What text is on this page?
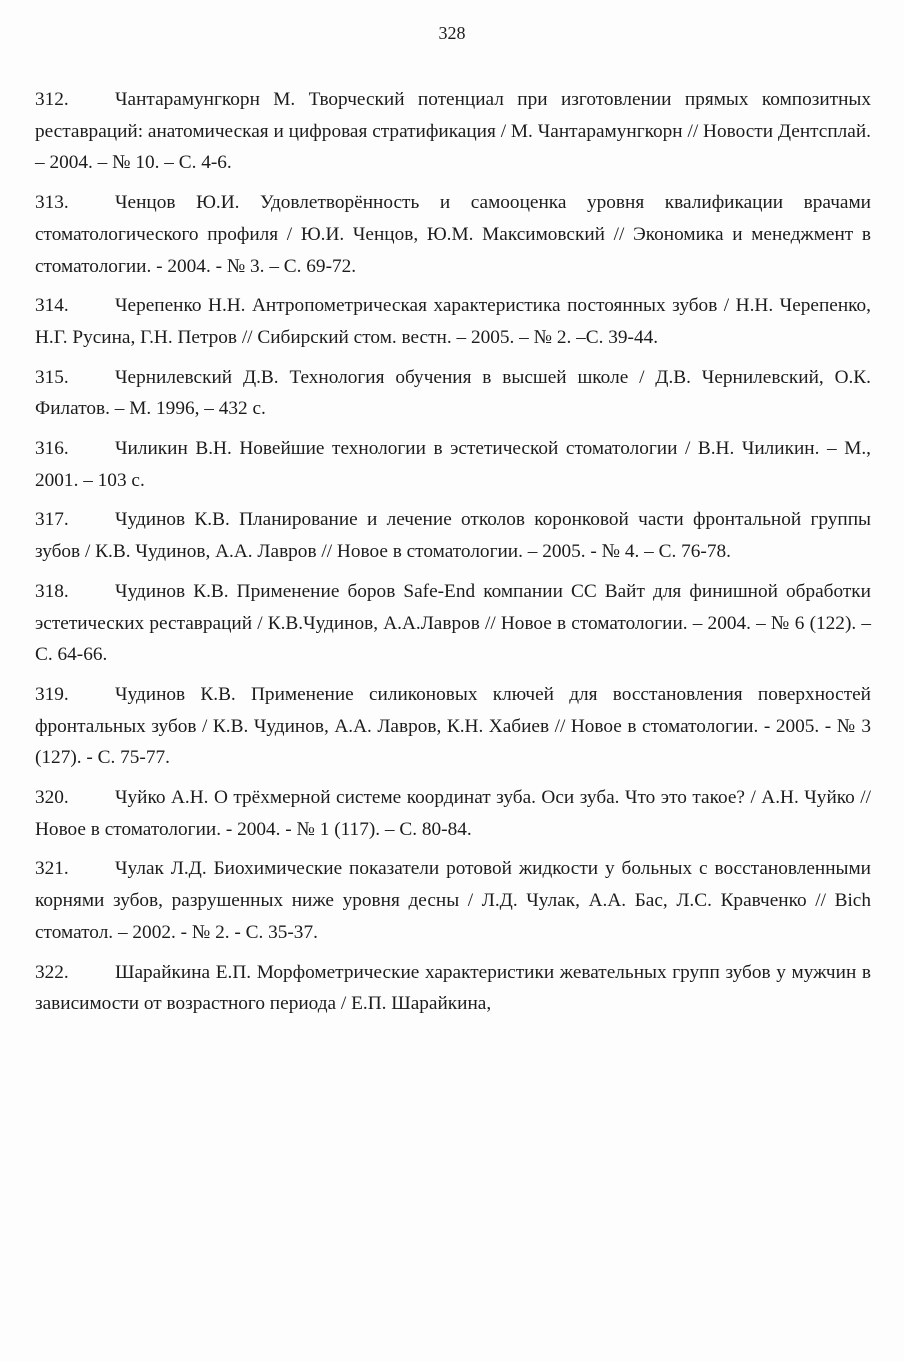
328
312. Чантарамунгкорн М. Творческий потенциал при изготовлении прямых композитных реставраций: анатомическая и цифровая стратификация / М. Чантарамунгкорн // Новости Дентсплай. – 2004. – № 10. – С. 4-6.
313. Ченцов Ю.И. Удовлетворённость и самооценка уровня квалификации врачами стоматологического профиля / Ю.И. Ченцов, Ю.М. Максимовский // Экономика и менеджмент в стоматологии. - 2004. - № 3. – С. 69-72.
314. Черепенко Н.Н. Антропометрическая характеристика постоянных зубов / Н.Н. Черепенко, Н.Г. Русина, Г.Н. Петров // Сибирский стом. вестн. – 2005. – № 2. –С. 39-44.
315. Чернилевский Д.В. Технология обучения в высшей школе / Д.В. Чернилевский, О.К. Филатов. – М. 1996, – 432 с.
316. Чиликин В.Н. Новейшие технологии в эстетической стоматологии / В.Н. Чиликин. – М., 2001. – 103 с.
317. Чудинов К.В. Планирование и лечение отколов коронковой части фронтальной группы зубов / К.В. Чудинов, А.А. Лавров // Новое в стоматологии. – 2005. - № 4. – С. 76-78.
318. Чудинов К.В. Применение боров Safe-End компании CC Вайт для финишной обработки эстетических реставраций / К.В.Чудинов, А.А.Лавров // Новое в стоматологии. – 2004. – № 6 (122). – С. 64-66.
319. Чудинов К.В. Применение силиконовых ключей для восстановления поверхностей фронтальных зубов / К.В. Чудинов, А.А. Лавров, К.Н. Хабиев // Новое в стоматологии. - 2005. - № 3 (127). - С. 75-77.
320. Чуйко А.Н. О трёхмерной системе координат зуба. Оси зуба. Что это такое? / А.Н. Чуйко // Новое в стоматологии. - 2004. - № 1 (117). – С. 80-84.
321. Чулак Л.Д. Биохимические показатели ротовой жидкости у больных с восстановленными корнями зубов, разрушенных ниже уровня десны / Л.Д. Чулак, А.А. Бас, Л.С. Кравченко // Bich стоматол. – 2002. - № 2. - С. 35-37.
322. Шарайкина Е.П. Морфометрические характеристики жевательных групп зубов у мужчин в зависимости от возрастного периода / Е.П. Шарайкина,
